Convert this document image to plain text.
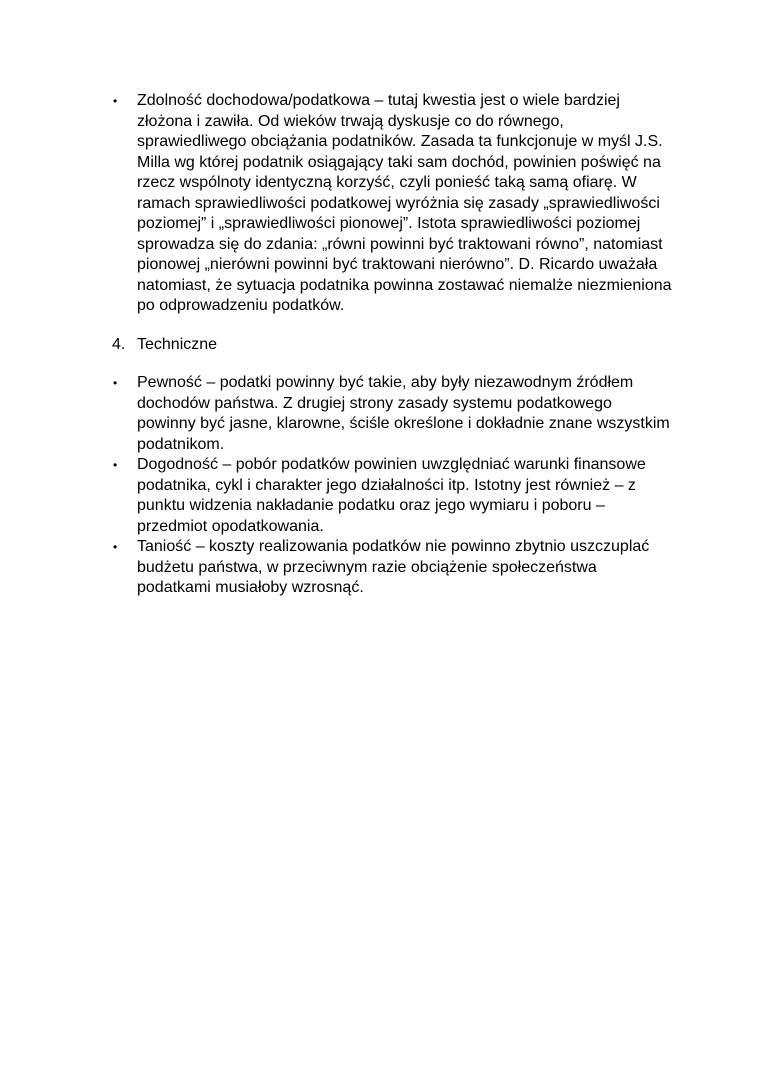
• Zdolność dochodowa/podatkowa – tutaj kwestia jest o wiele bardziej złożona i zawiła. Od wieków trwają dyskusje co do równego, sprawiedliwego obciążania podatników. Zasada ta funkcjonuje w myśl J.S. Milla wg której podatnik osiągający taki sam dochód, powinien poświęć na rzecz wspólnoty identyczną korzyść, czyli ponieść taką samą ofiarę. W ramach sprawiedliwości podatkowej wyróżnia się zasady „sprawiedliwości poziomej” i „sprawiedliwości pionowej”. Istota sprawiedliwości poziomej sprowadza się do zdania: „równi powinni być traktowani równo”, natomiast pionowej „nierówni powinni być traktowani nierówno”. D. Ricardo uważała natomiast, że sytuacja podatnika powinna zostawać niemalże niezmieniona po odprowadzeniu podatków.
4. Techniczne
• Pewność – podatki powinny być takie, aby były niezawodnym źródłem dochodów państwa. Z drugiej strony zasady systemu podatkowego powinny być jasne, klarowne, ściśle określone i dokładnie znane wszystkim podatnikom.
• Dogodność – pobór podatków powinien uwzględniać warunki finansowe podatnika, cykl i charakter jego działalności itp. Istotny jest również – z punktu widzenia nakładanie podatku oraz jego wymiaru i poboru – przedmiot opodatkowania.
• Taniość – koszty realizowania podatków nie powinno zbytnio uszczuplać budżetu państwa, w przeciwnym razie obciążenie społeczeństwa podatkami musiałoby wzrosnąć.
